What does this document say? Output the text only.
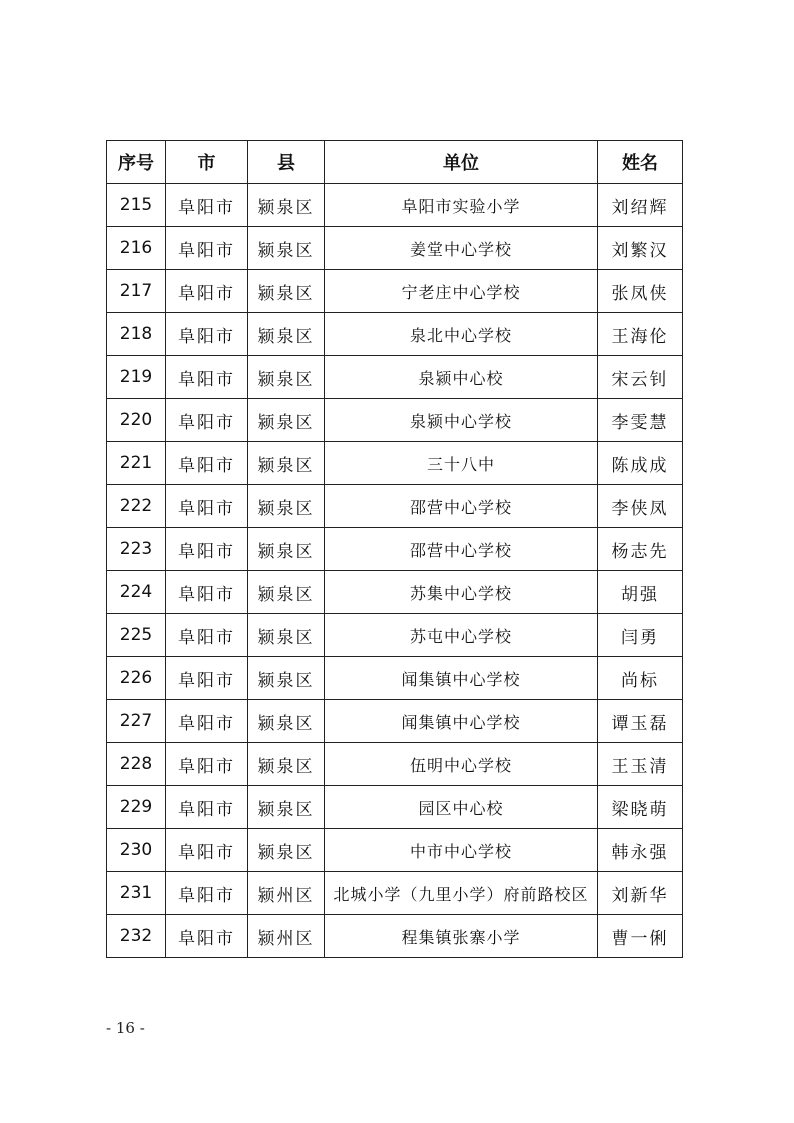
序号	市	县	单位	姓名
215	阜阳市	颍泉区	阜阳市实验小学	刘绍辉
216	阜阳市	颍泉区	姜堂中心学校	刘繁汉
217	阜阳市	颍泉区	宁老庄中心学校	张凤侠
218	阜阳市	颍泉区	泉北中心学校	王海伦
219	阜阳市	颍泉区	泉颍中心校	宋云钊
220	阜阳市	颍泉区	泉颍中心学校	李雯慧
221	阜阳市	颍泉区	三十八中	陈成成
222	阜阳市	颍泉区	邵营中心学校	李侠凤
223	阜阳市	颍泉区	邵营中心学校	杨志先
224	阜阳市	颍泉区	苏集中心学校	胡强
225	阜阳市	颍泉区	苏屯中心学校	闫勇
226	阜阳市	颍泉区	闻集镇中心学校	尚标
227	阜阳市	颍泉区	闻集镇中心学校	谭玉磊
228	阜阳市	颍泉区	伍明中心学校	王玉清
229	阜阳市	颍泉区	园区中心校	梁晓萌
230	阜阳市	颍泉区	中市中心学校	韩永强
231	阜阳市	颍州区	北城小学（九里小学）府前路校区	刘新华
232	阜阳市	颍州区	程集镇张寨小学	曹一俐
- 16 -
